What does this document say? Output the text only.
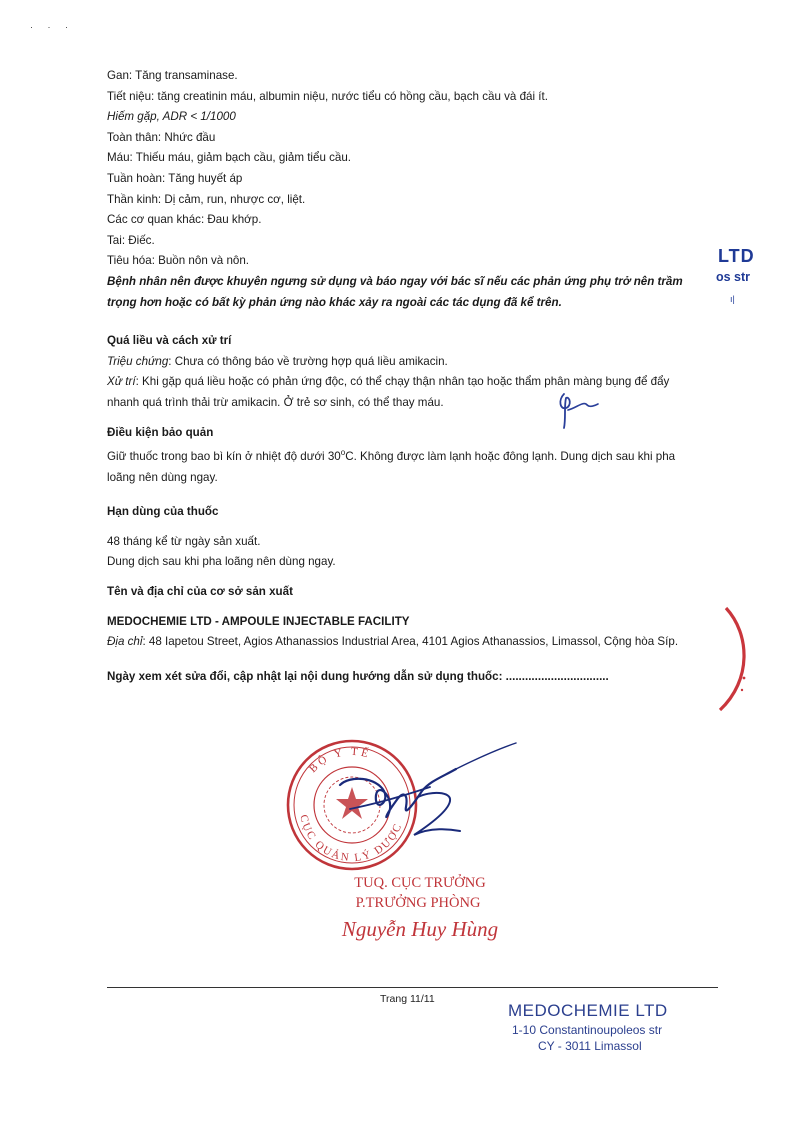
· · ·

Gan: Tăng transaminase.

Tiết niệu: tăng creatinin máu, albumin niệu, nước tiểu có hồng cầu, bạch cầu và đái ít.

Hiếm gặp, ADR < 1/1000

Toàn thân: Nhức đầu

Máu: Thiếu máu, giảm bạch cầu, giảm tiểu cầu.

Tuần hoàn: Tăng huyết áp

Thần kinh: Dị cảm, run, nhược cơ, liệt.

Các cơ quan khác: Đau khớp.

Tai: Điếc.

Tiêu hóa: Buồn nôn và nôn.

Bệnh nhân nên được khuyên ngưng sử dụng và báo ngay với bác sĩ nếu các phản ứng phụ trở nên trầm

trọng hơn hoặc có bất kỳ phản ứng nào khác xảy ra ngoài các tác dụng đã kể trên.

Quá liều và cách xử trí

Triệu chứng: Chưa có thông báo về trường hợp quá liều amikacin.

Xử trí: Khi gặp quá liều hoặc có phản ứng độc, có thể chạy thận nhân tạo hoặc thẩm phân màng bụng để đẩy

nhanh quá trình thải trừ amikacin. Ở trẻ sơ sinh, có thể thay máu.

Điều kiện bảo quản

Giữ thuốc trong bao bì kín ở nhiệt độ dưới 30$^o$C. Không được làm lạnh hoặc đông lạnh. Dung dịch sau khi pha

loãng nên dùng ngay.

Hạn dùng của thuốc

48 tháng kể từ ngày sản xuất.

Dung dịch sau khi pha loãng nên dùng ngay.

Tên và địa chỉ của cơ sở sản xuất

MEDOCHEMIE LTD - AMPOULE INJECTABLE FACILITY

Địa chỉ: 48 Iapetou Street, Agios Athanassios Industrial Area, 4101 Agios Athanassios, Limassol, Cộng hòa Síp.

Ngày xem xét sửa đổi, cập nhật lại nội dung hướng dẫn sử dụng thuốc: ................................

LTD
os str
ı|
BỘ Y TẾ
CỤC QUẢN LÝ DƯỢC
TUQ. CỤC TRƯỞNG
P.TRƯỞNG PHÒNG
Nguyễn Huy Hùng
Trang 11/11
MEDOCHEMIE LTD
1-10 Constantinoupoleos str
CY - 3011 Limassol
